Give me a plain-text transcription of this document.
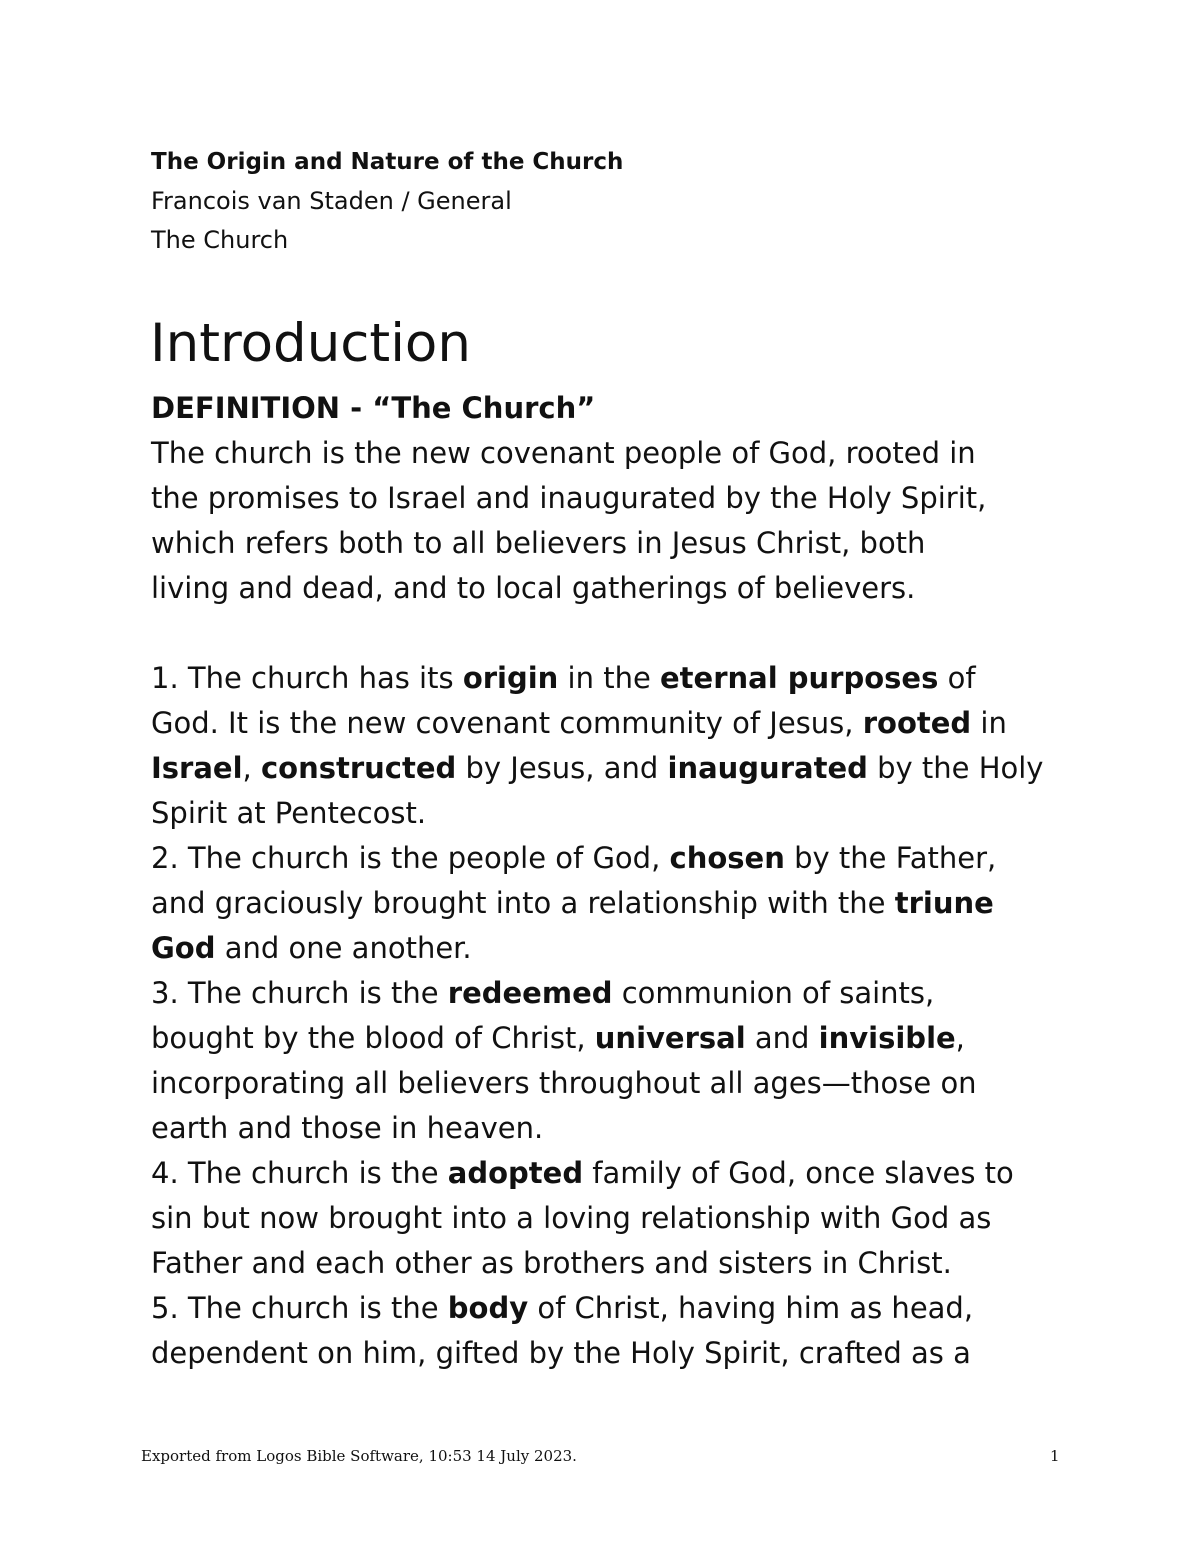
The Origin and Nature of the Church
Francois van Staden / General
The Church
Introduction
DEFINITION - “The Church”
The church is the new covenant people of God, rooted in
the promises to Israel and inaugurated by the Holy Spirit,
which refers both to all believers in Jesus Christ, both
living and dead, and to local gatherings of believers.
1. The church has its origin in the eternal purposes of
God. It is the new covenant community of Jesus, rooted in
Israel, constructed by Jesus, and inaugurated by the Holy
Spirit at Pentecost.
2. The church is the people of God, chosen by the Father,
and graciously brought into a relationship with the triune
God and one another.
3. The church is the redeemed communion of saints,
bought by the blood of Christ, universal and invisible,
incorporating all believers throughout all ages—those on
earth and those in heaven.
4. The church is the adopted family of God, once slaves to
sin but now brought into a loving relationship with God as
Father and each other as brothers and sisters in Christ.
5. The church is the body of Christ, having him as head,
dependent on him, gifted by the Holy Spirit, crafted as a
Exported from Logos Bible Software, 10:53 14 July 2023.	1
